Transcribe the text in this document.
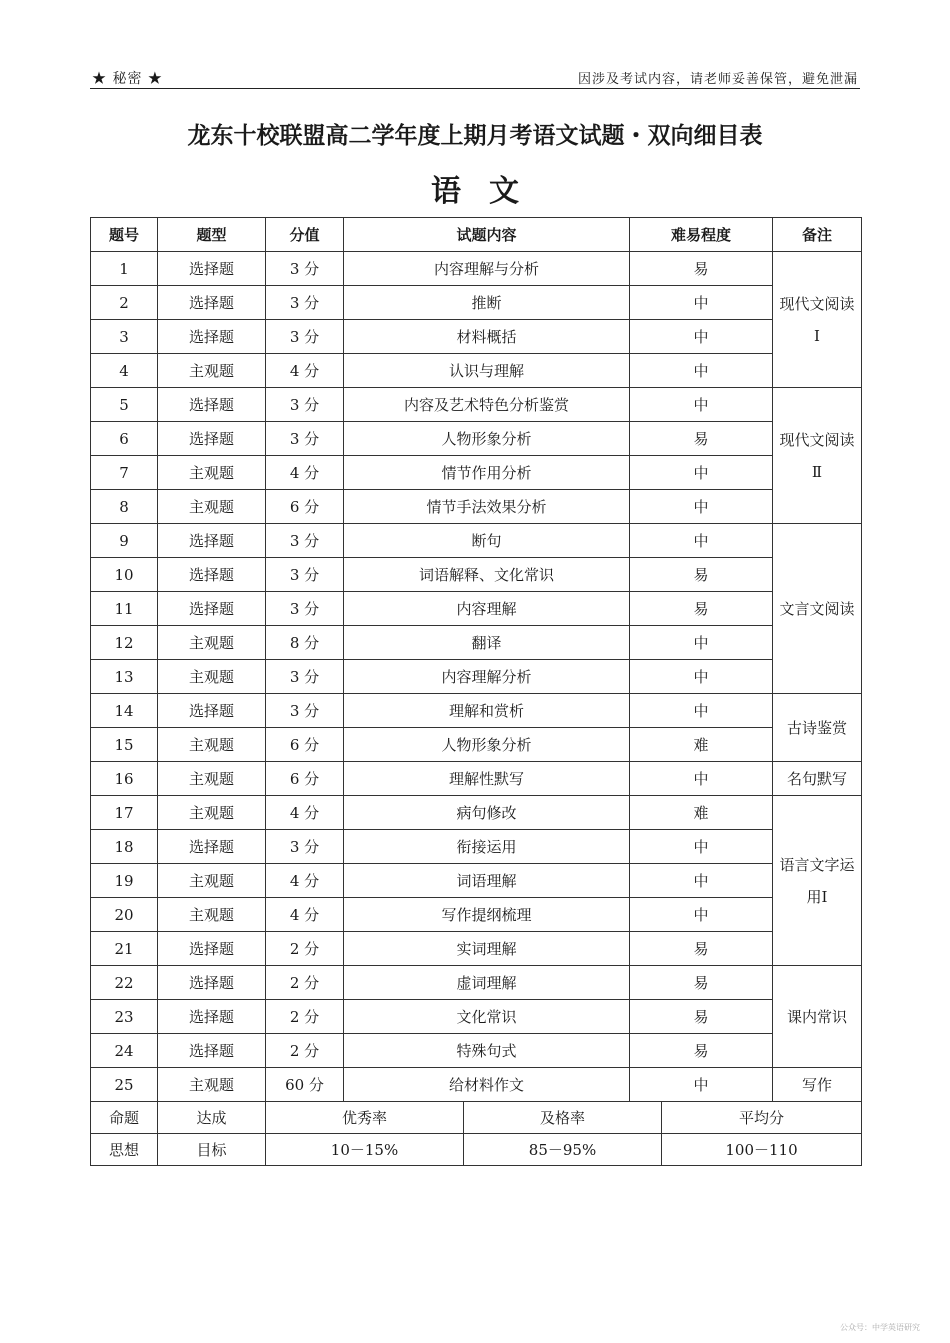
★ 秘密 ★	因涉及考试内容，请老师妥善保管，避免泄漏
龙东十校联盟高二学年度上期月考语文试题・双向细目表
语文
题号	题型	分值	试题内容	难易程度	备注
1	选择题	3 分	内容理解与分析	易	现代文阅读Ⅰ
2	选择题	3 分	推断	中	
3	选择题	3 分	材料概括	中	
4	主观题	4 分	认识与理解	中	
5	选择题	3 分	内容及艺术特色分析鉴赏	中	现代文阅读Ⅱ
6	选择题	3 分	人物形象分析	易	
7	主观题	4 分	情节作用分析	中	
8	主观题	6 分	情节手法效果分析	中	
9	选择题	3 分	断句	中	文言文阅读
10	选择题	3 分	词语解释、文化常识	易	
11	选择题	3 分	内容理解	易	
12	主观题	8 分	翻译	中	
13	主观题	3 分	内容理解分析	中	
14	选择题	3 分	理解和赏析	中	古诗鉴赏
15	主观题	6 分	人物形象分析	难	
16	主观题	6 分	理解性默写	中	名句默写
17	主观题	4 分	病句修改	难	语言文字运用Ⅰ
18	选择题	3 分	衔接运用	中	
19	主观题	4 分	词语理解	中	
20	主观题	4 分	写作提纲梳理	中	
21	选择题	2 分	实词理解	易	
22	选择题	2 分	虚词理解	易	课内常识
23	选择题	2 分	文化常识	易	
24	选择题	2 分	特殊句式	易	
25	主观题	60 分	给材料作文	中	写作
命题	达成	优秀率	及格率	平均分
思想	目标	10－15%	85－95%	100－110
公众号：中学英语研究
